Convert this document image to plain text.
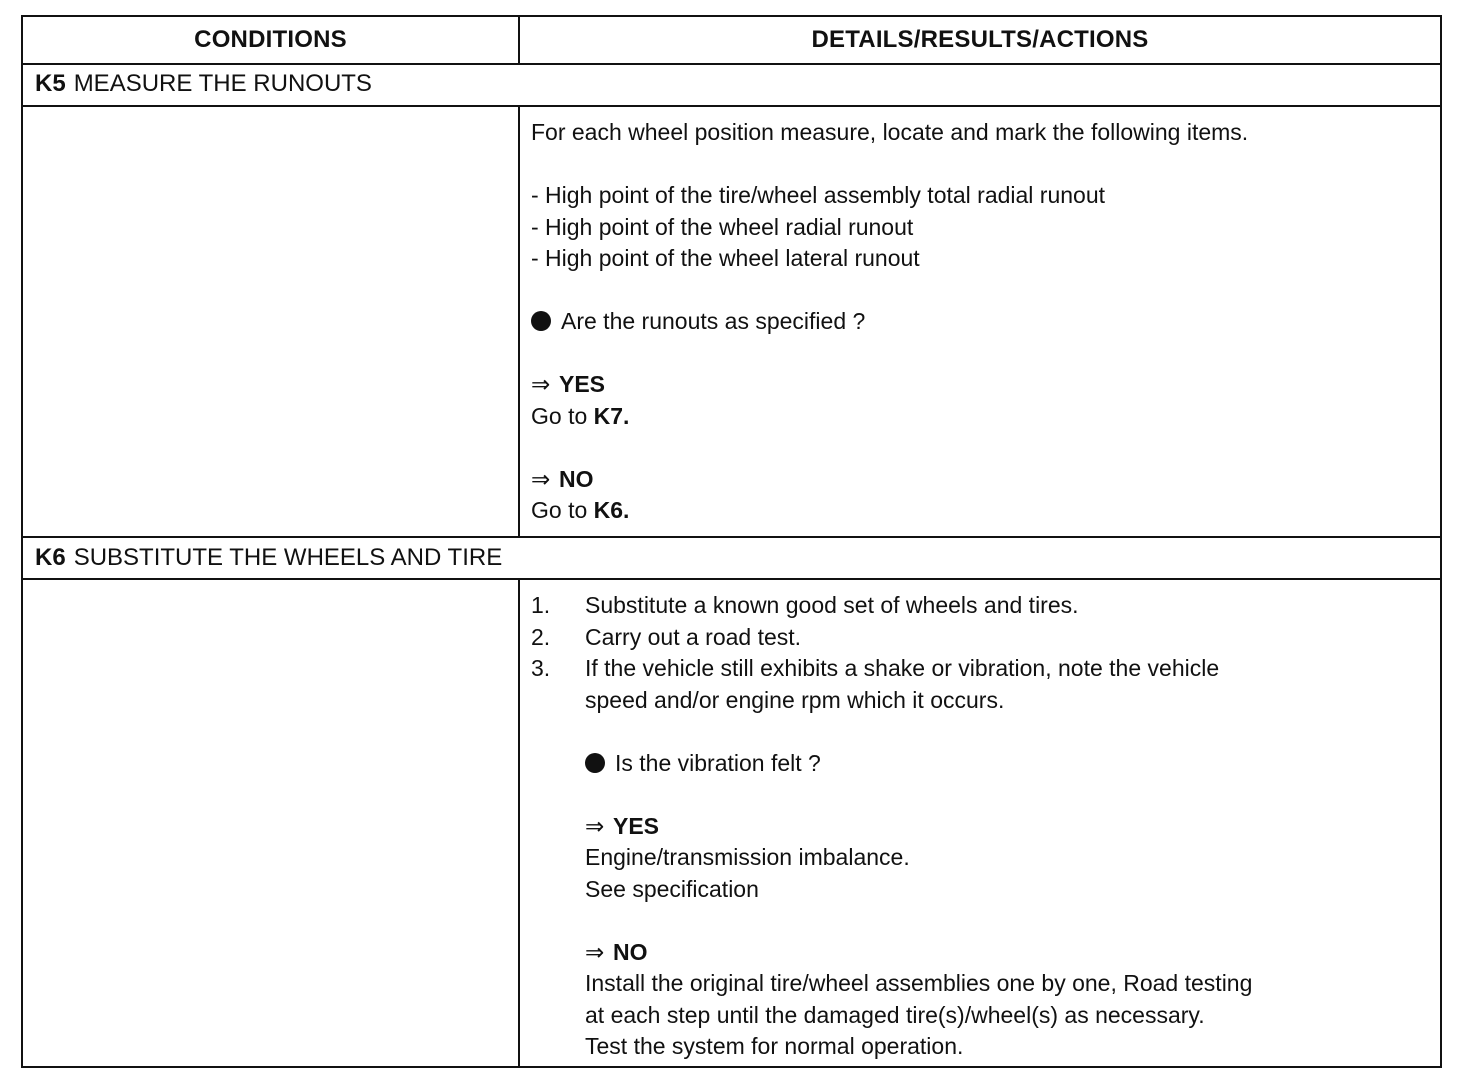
CONDITIONS	DETAILS/RESULTS/ACTIONS
K5 MEASURE THE RUNOUTS
For each wheel position measure, locate and mark the following items.
- High point of the tire/wheel assembly total radial runout
- High point of the wheel radial runout
- High point of the wheel lateral runout
Are the runouts as specified ?
⇒ YES
Go to K7.
⇒ NO
Go to K6.
K6 SUBSTITUTE THE WHEELS AND TIRE
1. Substitute a known good set of wheels and tires.
2. Carry out a road test.
3. If the vehicle still exhibits a shake or vibration, note the vehicle
speed and/or engine rpm which it occurs.
Is the vibration felt ?
⇒ YES
Engine/transmission imbalance.
See specification
⇒ NO
Install the original tire/wheel assemblies one by one, Road testing
at each step until the damaged tire(s)/wheel(s) as necessary.
Test the system for normal operation.
